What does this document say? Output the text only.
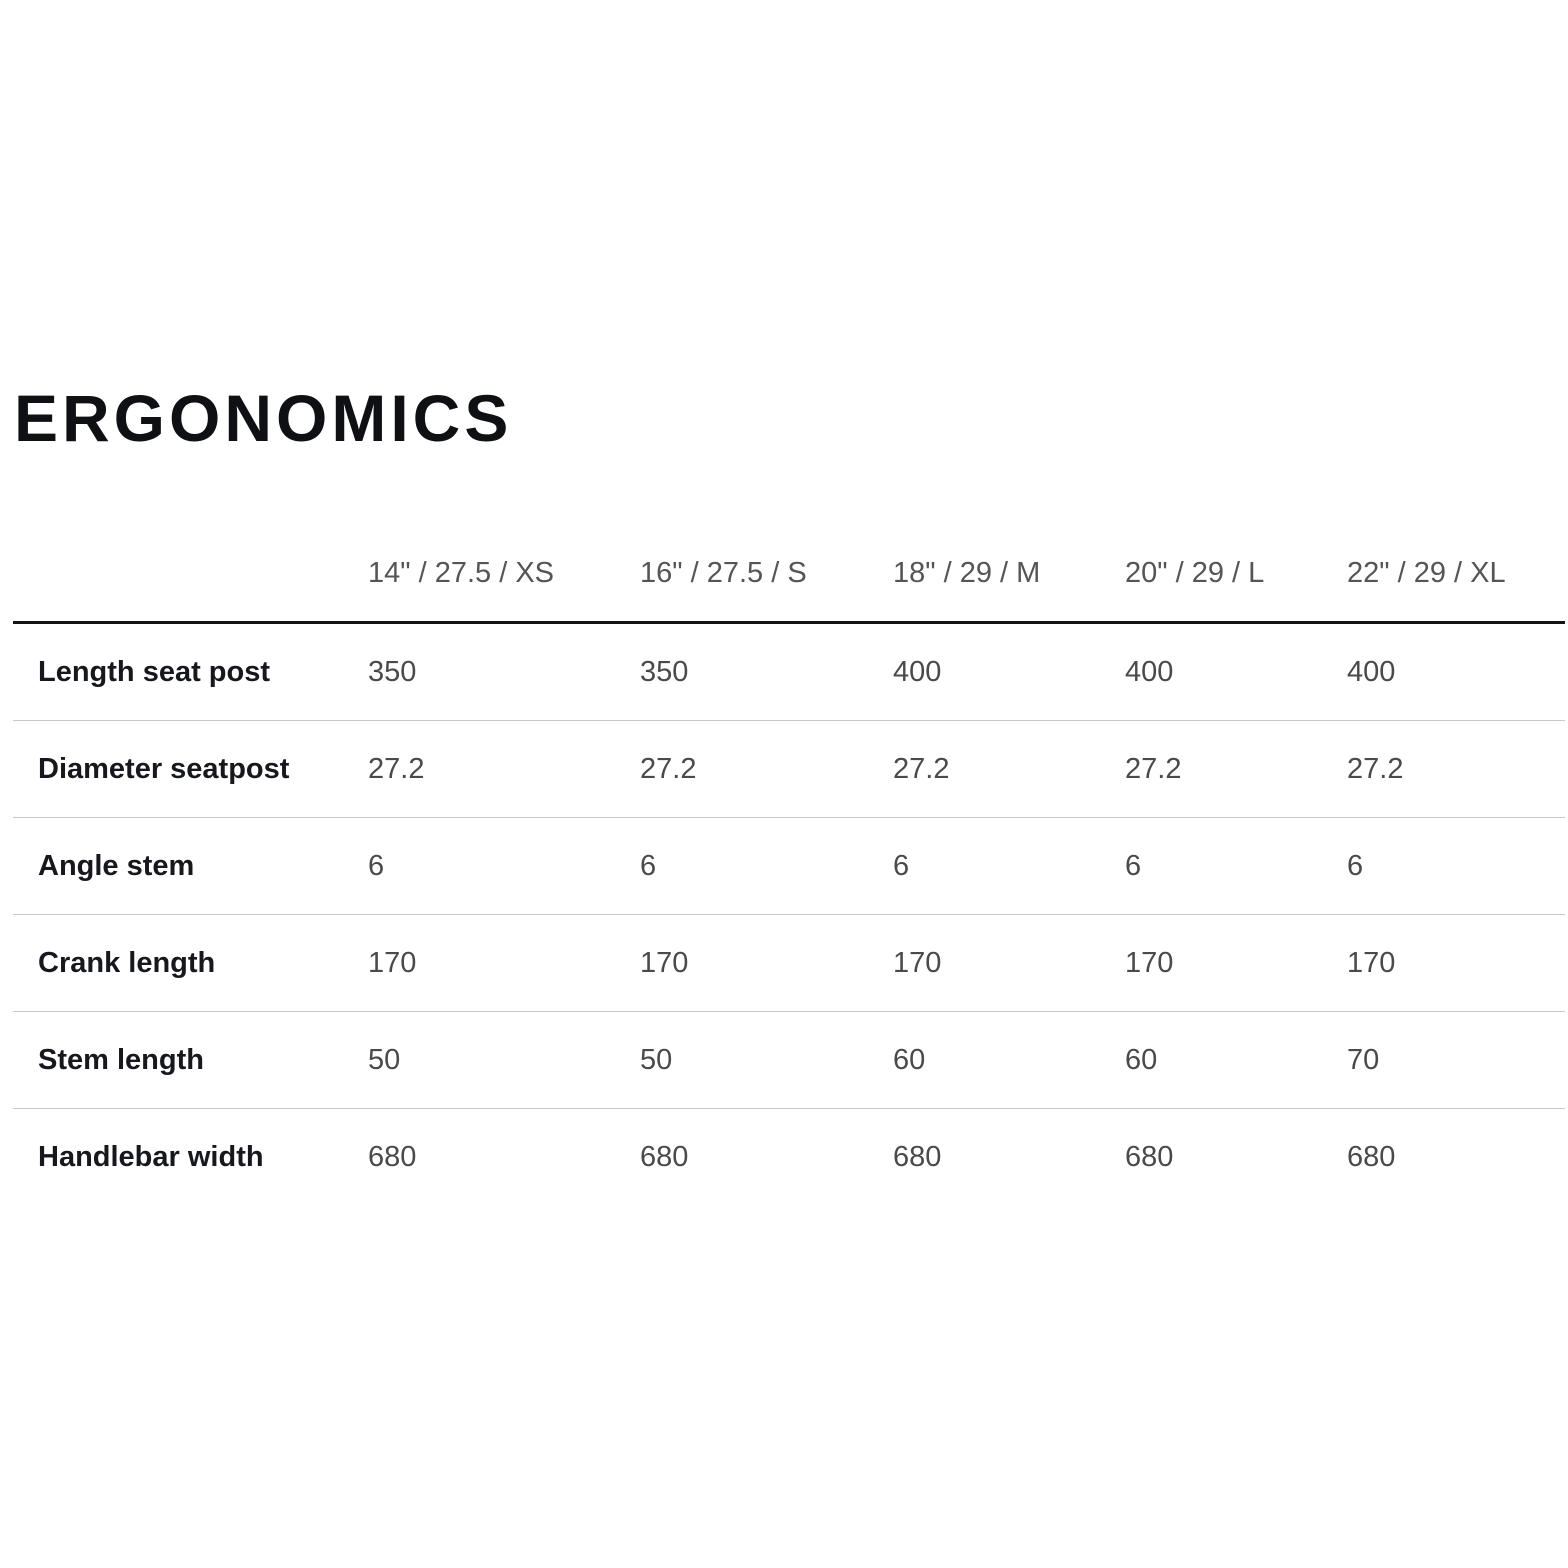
ERGONOMICS
	14" / 27.5 / XS	16" / 27.5 / S	18" / 29 / M	20" / 29 / L	22" / 29 / XL
Length seat post	350	350	400	400	400
Diameter seatpost	27.2	27.2	27.2	27.2	27.2
Angle stem	6	6	6	6	6
Crank length	170	170	170	170	170
Stem length	50	50	60	60	70
Handlebar width	680	680	680	680	680
